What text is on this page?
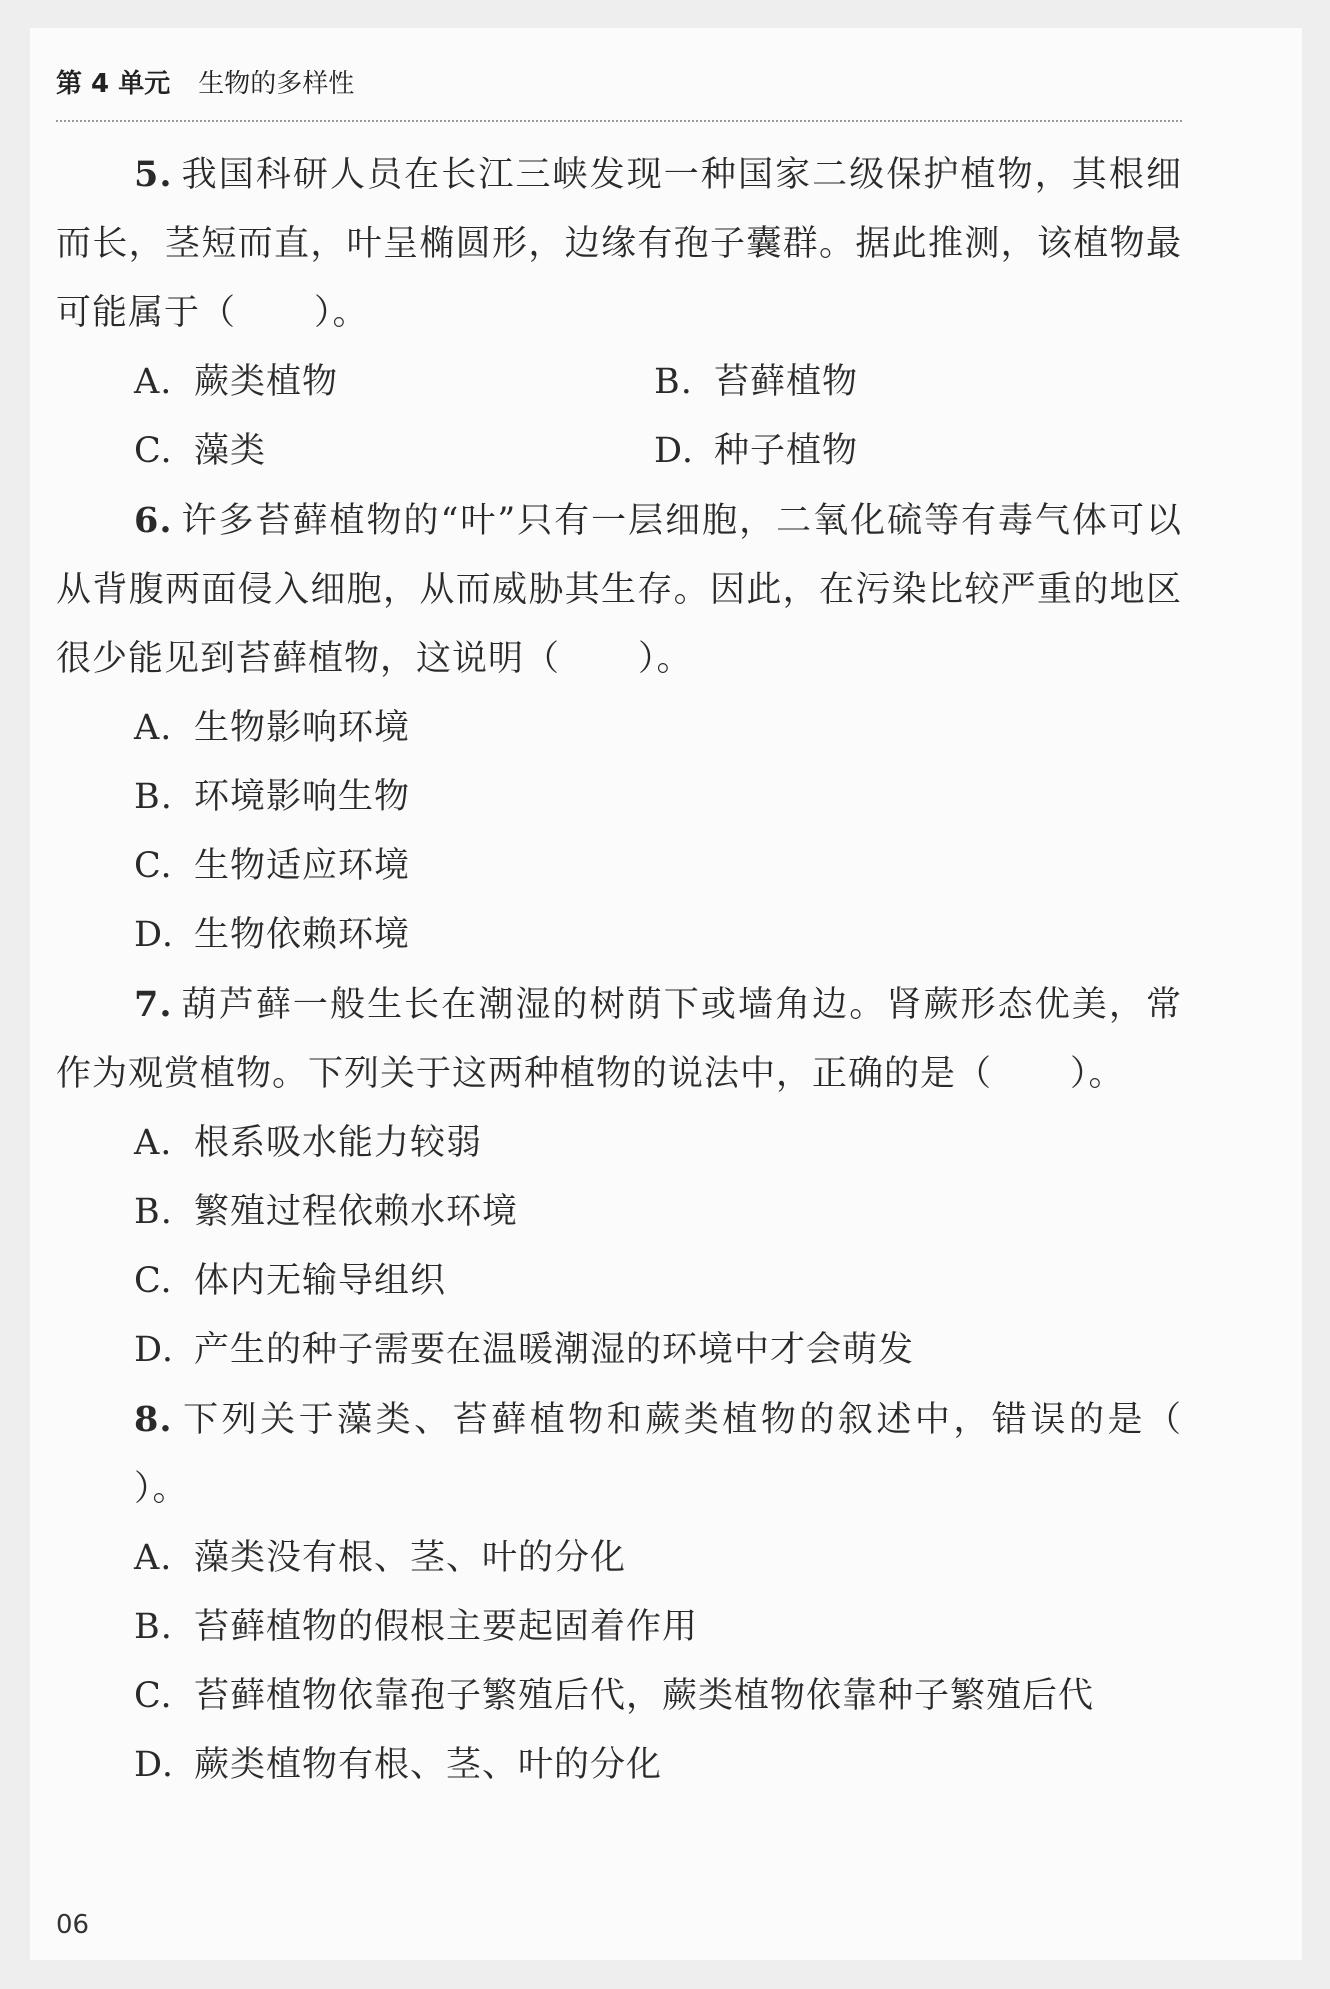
第 4 单元 生物的多样性

5. 我国科研人员在长江三峡发现一种国家二级保护植物，其根细而长，茎短而直，叶呈椭圆形，边缘有孢子囊群。据此推测，该植物最可能属于（ ）。

A. 蕨类植物	B. 苔藓植物
C. 藻类	D. 种子植物

6. 许多苔藓植物的“叶”只有一层细胞，二氧化硫等有毒气体可以从背腹两面侵入细胞，从而威胁其生存。因此，在污染比较严重的地区很少能见到苔藓植物，这说明（ ）。

A. 生物影响环境
B. 环境影响生物
C. 生物适应环境
D. 生物依赖环境

7. 葫芦藓一般生长在潮湿的树荫下或墙角边。肾蕨形态优美，常作为观赏植物。下列关于这两种植物的说法中，正确的是（ ）。

A. 根系吸水能力较弱
B. 繁殖过程依赖水环境
C. 体内无输导组织
D. 产生的种子需要在温暖潮湿的环境中才会萌发

8. 下列关于藻类、苔藓植物和蕨类植物的叙述中，错误的是（）。

A. 藻类没有根、茎、叶的分化
B. 苔藓植物的假根主要起固着作用
C. 苔藓植物依靠孢子繁殖后代，蕨类植物依靠种子繁殖后代
D. 蕨类植物有根、茎、叶的分化
06
